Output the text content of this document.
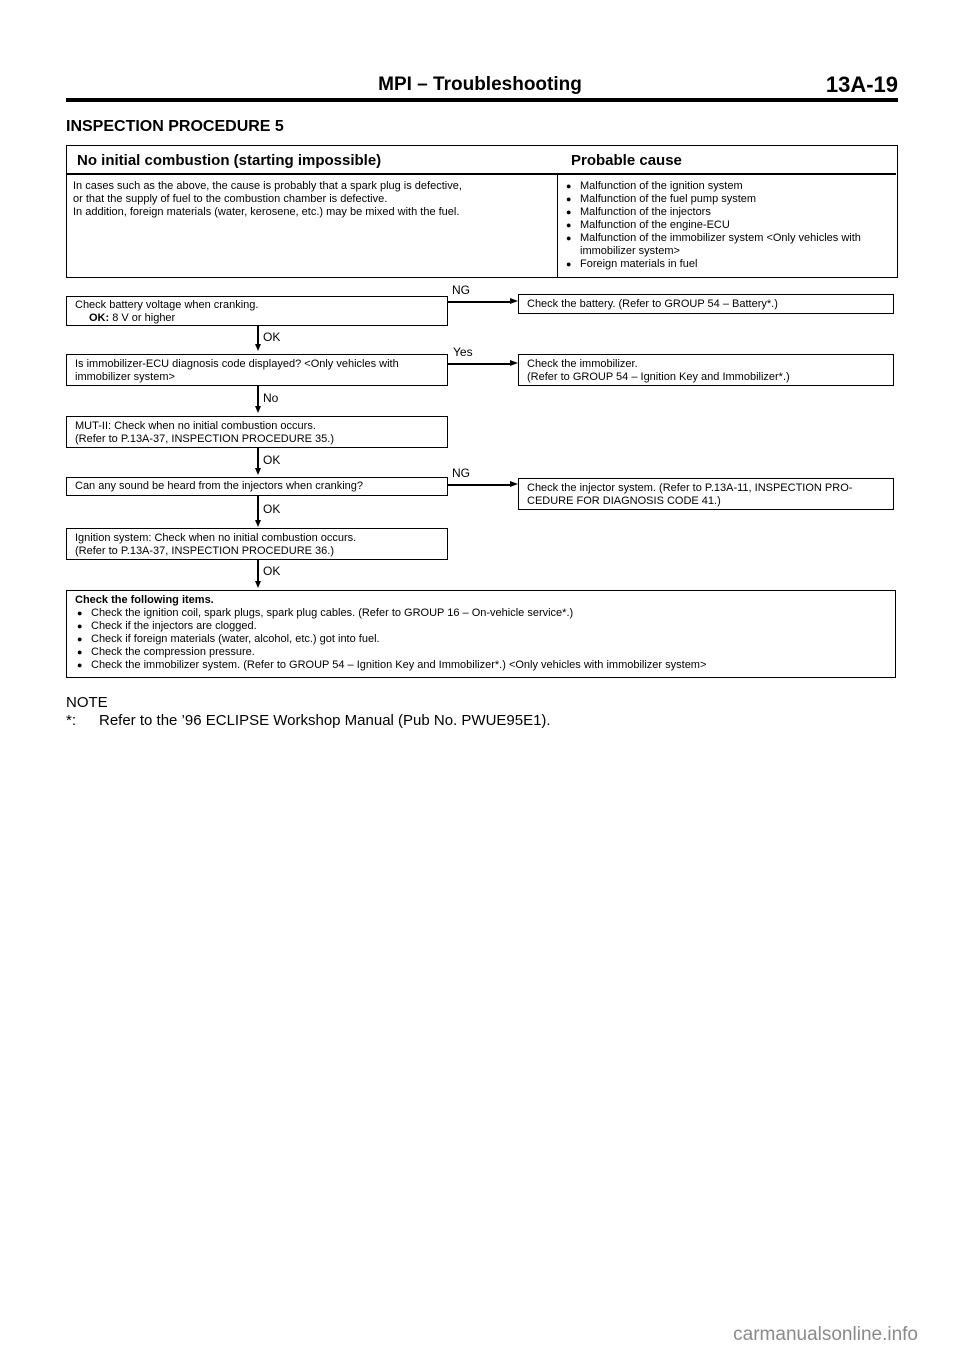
MPI – Troubleshooting	13A-19
INSPECTION PROCEDURE 5
No initial combustion (starting impossible)	Probable cause
In cases such as the above, the cause is probably that a spark plug is defective,
or that the supply of fuel to the combustion chamber is defective.
In addition, foreign materials (water, kerosene, etc.) may be mixed with the fuel.
● Malfunction of the ignition system
● Malfunction of the fuel pump system
● Malfunction of the injectors
● Malfunction of the engine-ECU
● Malfunction of the immobilizer system <Only vehicles with immobilizer system>
● Foreign materials in fuel
Check battery voltage when cranking.
OK: 8 V or higher
NG
Check the battery. (Refer to GROUP 54 – Battery*.)
OK
Is immobilizer-ECU diagnosis code displayed? <Only vehicles with
immobilizer system>
Yes
Check the immobilizer.
(Refer to GROUP 54 – Ignition Key and Immobilizer*.)
No
MUT-II: Check when no initial combustion occurs.
(Refer to P.13A-37, INSPECTION PROCEDURE 35.)
OK
Can any sound be heard from the injectors when cranking?
NG
Check the injector system. (Refer to P.13A-11, INSPECTION PRO-
CEDURE FOR DIAGNOSIS CODE 41.)
OK
Ignition system: Check when no initial combustion occurs.
(Refer to P.13A-37, INSPECTION PROCEDURE 36.)
OK
Check the following items.
● Check the ignition coil, spark plugs, spark plug cables. (Refer to GROUP 16 – On-vehicle service*.)
● Check if the injectors are clogged.
● Check if foreign materials (water, alcohol, etc.) got into fuel.
● Check the compression pressure.
● Check the immobilizer system. (Refer to GROUP 54 – Ignition Key and Immobilizer*.) <Only vehicles with immobilizer system>
NOTE
*: Refer to the ’96 ECLIPSE Workshop Manual (Pub No. PWUE95E1).
carmanualsonline.info
